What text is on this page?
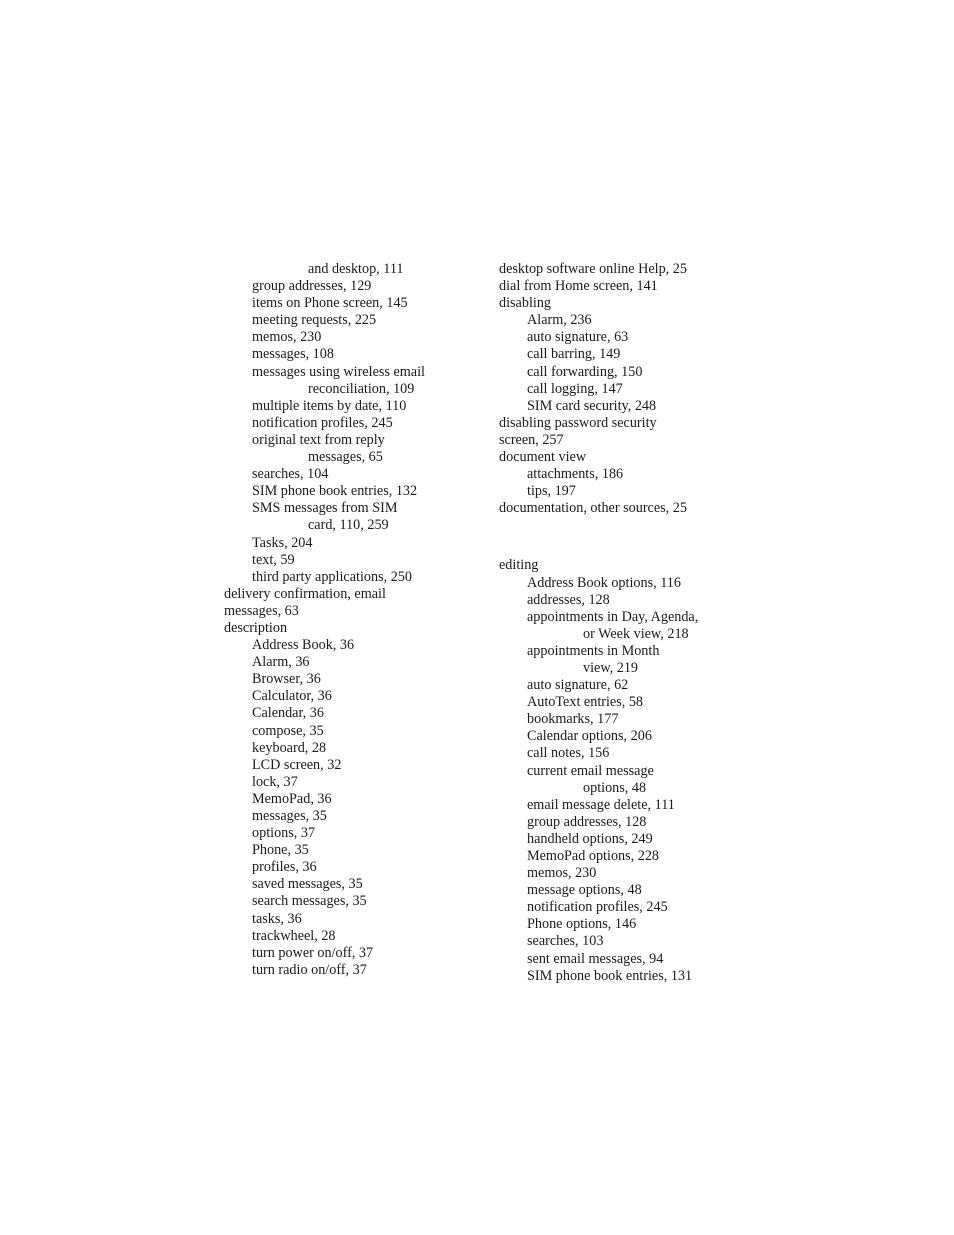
and desktop, 111
group addresses, 129
items on Phone screen, 145
meeting requests, 225
memos, 230
messages, 108
messages using wireless email
reconciliation, 109
multiple items by date, 110
notification profiles, 245
original text from reply
messages, 65
searches, 104
SIM phone book entries, 132
SMS messages from SIM
card, 110, 259
Tasks, 204
text, 59
third party applications, 250
delivery confirmation, email
messages, 63
description
Address Book, 36
Alarm, 36
Browser, 36
Calculator, 36
Calendar, 36
compose, 35
keyboard, 28
LCD screen, 32
lock, 37
MemoPad, 36
messages, 35
options, 37
Phone, 35
profiles, 36
saved messages, 35
search messages, 35
tasks, 36
trackwheel, 28
turn power on/off, 37
turn radio on/off, 37
desktop software online Help, 25
dial from Home screen, 141
disabling
Alarm, 236
auto signature, 63
call barring, 149
call forwarding, 150
call logging, 147
SIM card security, 248
disabling password security
screen, 257
document view
attachments, 186
tips, 197
documentation, other sources, 25
editing
Address Book options, 116
addresses, 128
appointments in Day, Agenda,
or Week view, 218
appointments in Month
view, 219
auto signature, 62
AutoText entries, 58
bookmarks, 177
Calendar options, 206
call notes, 156
current email message
options, 48
email message delete, 111
group addresses, 128
handheld options, 249
MemoPad options, 228
memos, 230
message options, 48
notification profiles, 245
Phone options, 146
searches, 103
sent email messages, 94
SIM phone book entries, 131
